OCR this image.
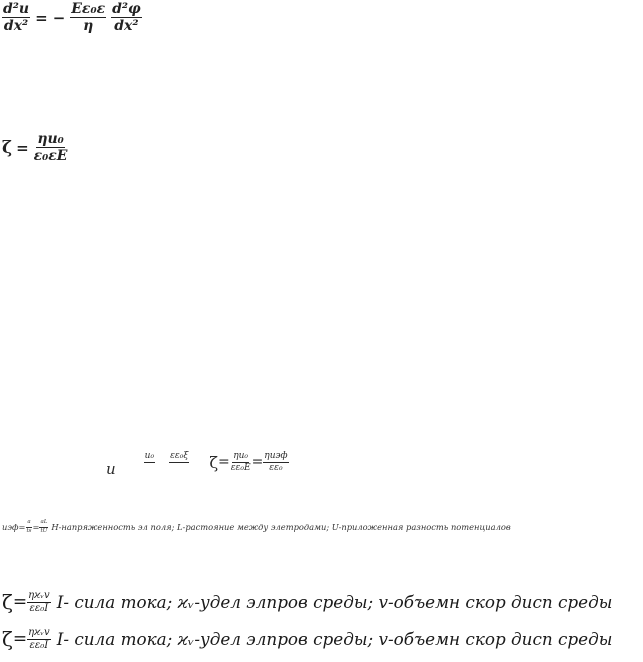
$\frac{\text{d²u}}{\text{dx²}}$ = − $\frac{\text{Eε₀ε}}{\eta} \frac{\text{d²φ}}{\text{dx²}}$
$\zeta = \frac{\text{ηu₀}}{\text{ε₀εE}}$
u
u₀ εε₀ξ $\zeta = \frac{\text{ηu₀}}{\text{εε₀E}} = \frac{\text{ηuэф}}{\text{εε₀}}$
$uэф= \frac{a}{ts} = \frac{aL}{tU}$ Н-напряженность эл поля; L-растояние между элетродами; U-приложенная разность потенциалов
$\zeta = \frac{\text{ηϰᵥv}}{\text{εε₀I}} I-$ сила тока; ϰᵥ-удел элпров среды; v-объемн скор дисп среды
$\zeta = \frac{\text{ηϰᵥv}}{\text{εε₀I}} I-$ сила тока; ϰᵥ-удел элпров среды; v-объемн скор дисп среды
